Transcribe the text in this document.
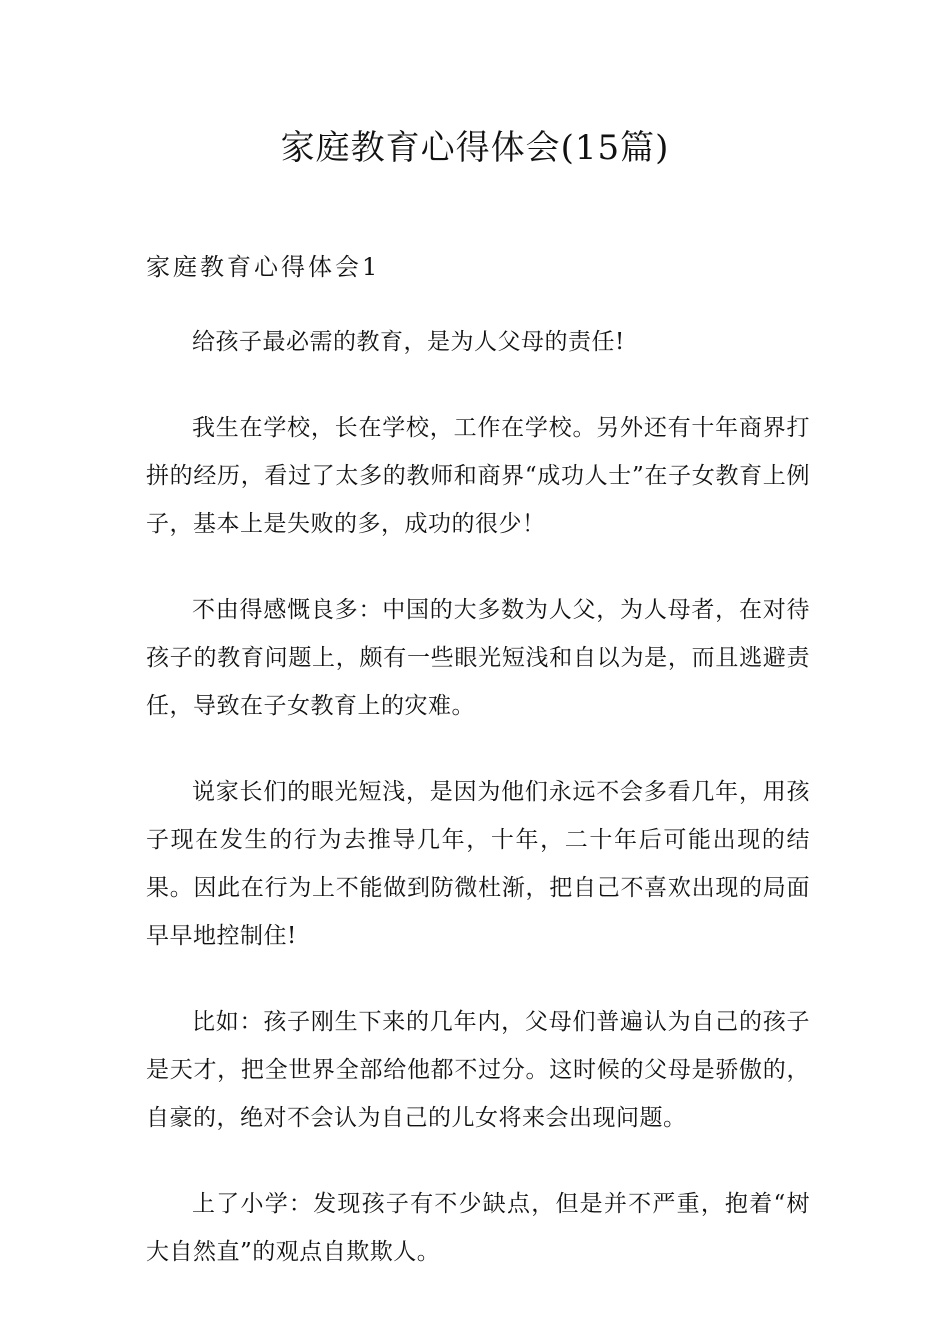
家庭教育心得体会(15篇)
家庭教育心得体会1

给孩子最必需的教育，是为人父母的责任!

我生在学校，长在学校，工作在学校。另外还有十年商界打拼的经历，看过了太多的教师和商界“成功人士”在子女教育上例子，基本上是失败的多，成功的很少！

不由得感慨良多：中国的大多数为人父，为人母者，在对待孩子的教育问题上，颇有一些眼光短浅和自以为是，而且逃避责任，导致在子女教育上的灾难。

说家长们的眼光短浅，是因为他们永远不会多看几年，用孩子现在发生的行为去推导几年，十年，二十年后可能出现的结果。因此在行为上不能做到防微杜渐，把自己不喜欢出现的局面早早地控制住!

比如：孩子刚生下来的几年内，父母们普遍认为自己的孩子是天才，把全世界全部给他都不过分。这时候的父母是骄傲的，自豪的，绝对不会认为自己的儿女将来会出现问题。

上了小学：发现孩子有不少缺点，但是并不严重，抱着“树大自然直”的观点自欺欺人。
